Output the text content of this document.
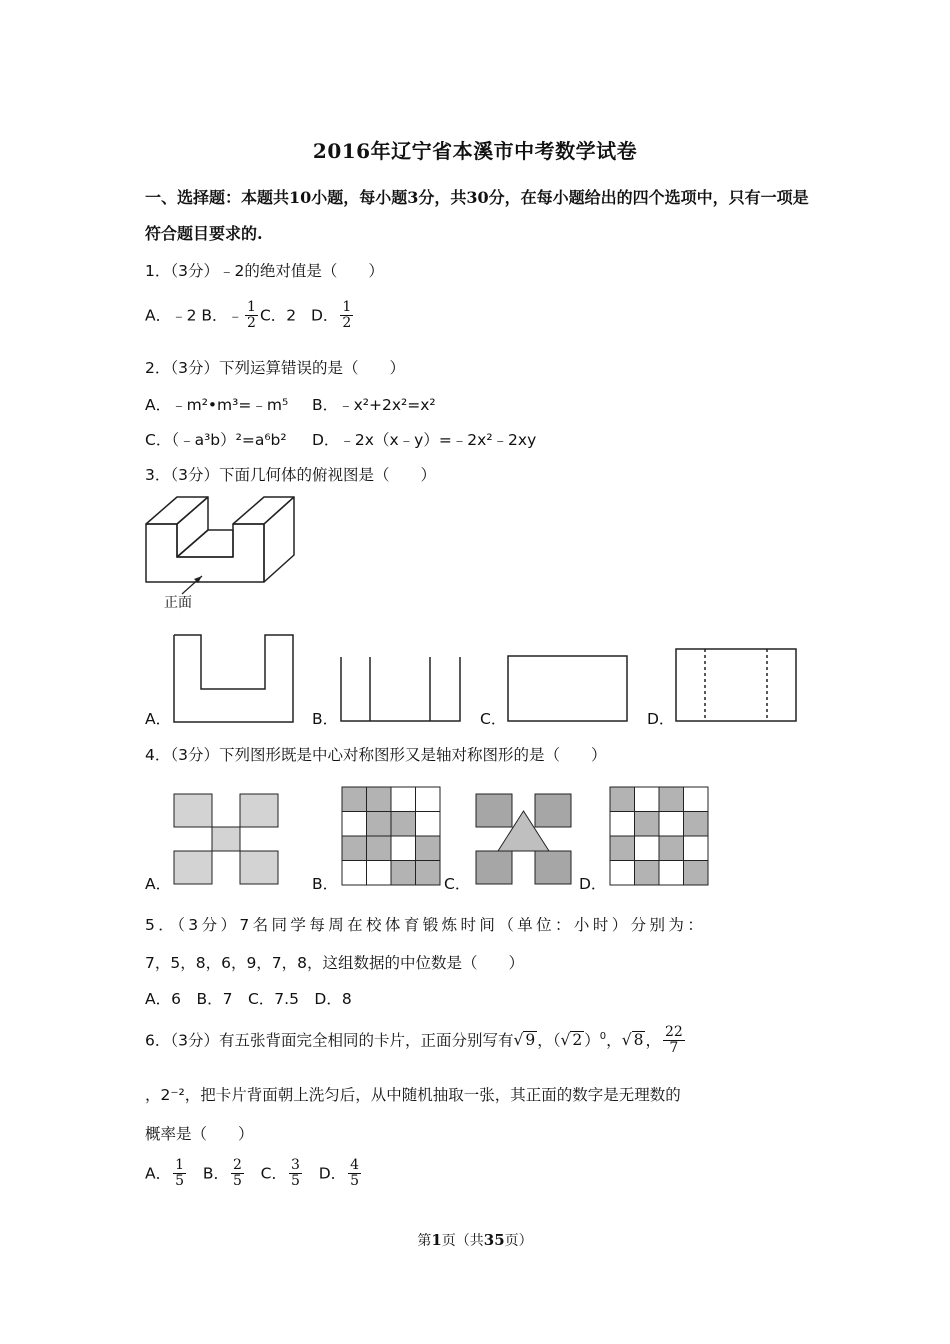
2016年辽宁省本溪市中考数学试卷
一、选择题：本题共10小题，每小题3分，共30分，在每小题给出的四个选项中，只有一项是符合题目要求的.
1．（3分）﹣2的绝对值是（　　）
A．﹣2 B．﹣ $\frac{1}{2}$ C．2 D． $\frac{1}{2}$
2．（3分）下列运算错误的是（　　）
A．﹣m²•m³=﹣m⁵ B．﹣x²+2x²=x²
C．（﹣a³b）²=a⁶b² D．﹣2x（x﹣y）=﹣2x²﹣2xy
3．（3分）下面几何体的俯视图是（　　）
正面
A．	B．	C．	D．
4．（3分）下列图形既是中心对称图形又是轴对称图形的是（　　）
A．	B．	C．	D．
5．（3分）7名同学每周在校体育锻炼时间（单位：小时）分别为：
7，5，8，6，9，7，8，这组数据的中位数是（　　）
A．6　B．7　C．7.5　D．8
6．（3分）有五张背面完全相同的卡片，正面分别写有√ 9 ，（√ 2 ）$^0$，√ 8 ， $\frac{22}{7}$
，2⁻²，把卡片背面朝上洗匀后，从中随机抽取一张，其正面的数字是无理数的
概率是（　　）
A． $\frac{1}{5}$ B． $\frac{2}{5}$ C． $\frac{3}{5}$ D． $\frac{4}{5}$
第1页（共35页）
